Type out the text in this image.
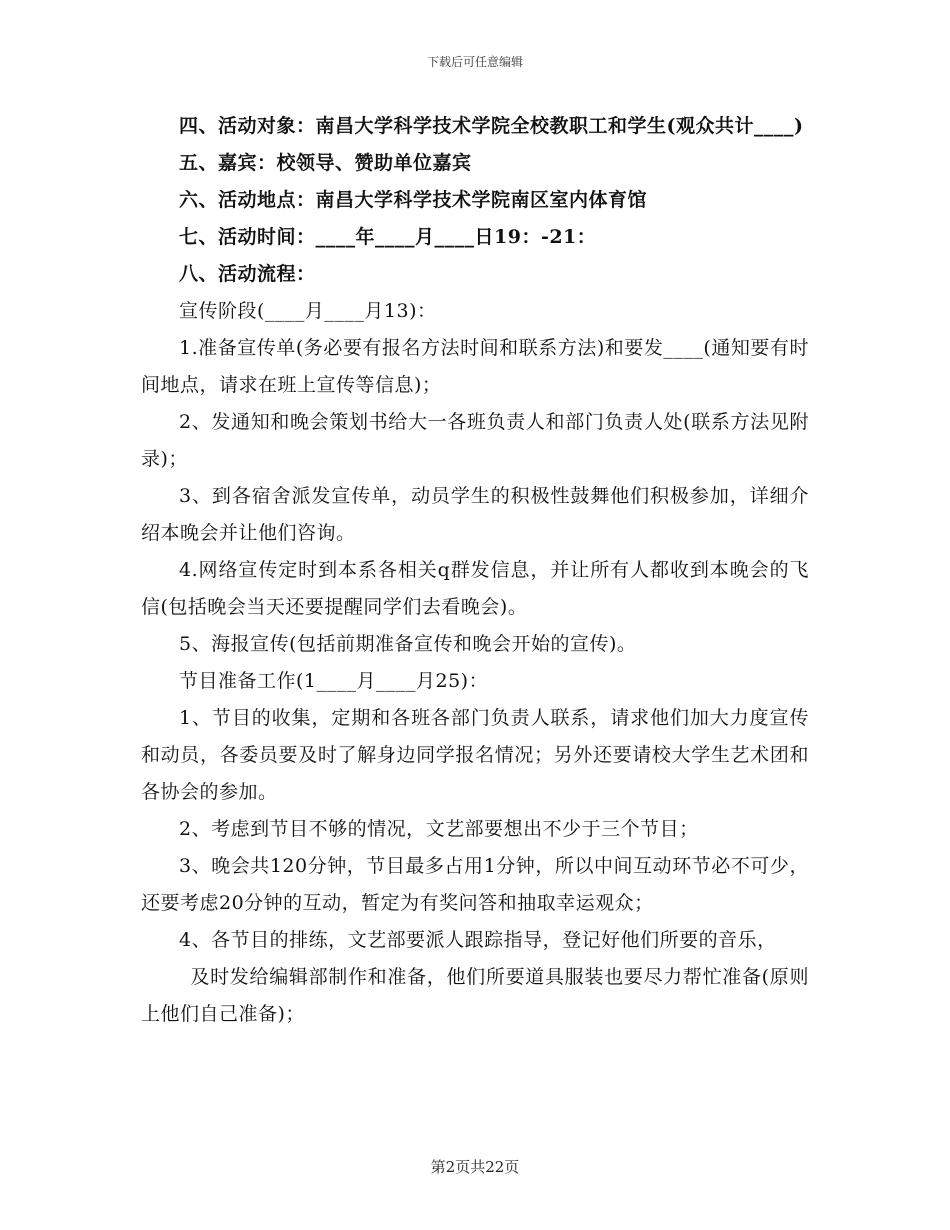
下载后可任意编辑

四、活动对象：南昌大学科学技术学院全校教职工和学生(观众共计____)

五、嘉宾：校领导、赞助单位嘉宾

六、活动地点：南昌大学科学技术学院南区室内体育馆

七、活动时间：____年____月____日19：-21：

八、活动流程：

宣传阶段(____月____月13)：

1.准备宣传单(务必要有报名方法时间和联系方法)和要发____(通知要有时间地点，请求在班上宣传等信息)；

2、发通知和晚会策划书给大一各班负责人和部门负责人处(联系方法见附录)；

3、到各宿舍派发宣传单，动员学生的积极性鼓舞他们积极参加，详细介绍本晚会并让他们咨询。

4.网络宣传定时到本系各相关q群发信息，并让所有人都收到本晚会的飞信(包括晚会当天还要提醒同学们去看晚会)。

5、海报宣传(包括前期准备宣传和晚会开始的宣传)。

节目准备工作(1____月____月25)：

1、节目的收集，定期和各班各部门负责人联系，请求他们加大力度宣传和动员，各委员要及时了解身边同学报名情况；另外还要请校大学生艺术团和各协会的参加。

2、考虑到节目不够的情况，文艺部要想出不少于三个节目；

3、晚会共120分钟，节目最多占用1分钟，所以中间互动环节必不可少，还要考虑20分钟的互动，暂定为有奖问答和抽取幸运观众；

4、各节目的排练，文艺部要派人跟踪指导，登记好他们所要的音乐，

及时发给编辑部制作和准备，他们所要道具服装也要尽力帮忙准备(原则上他们自己准备)；

第2页共22页
